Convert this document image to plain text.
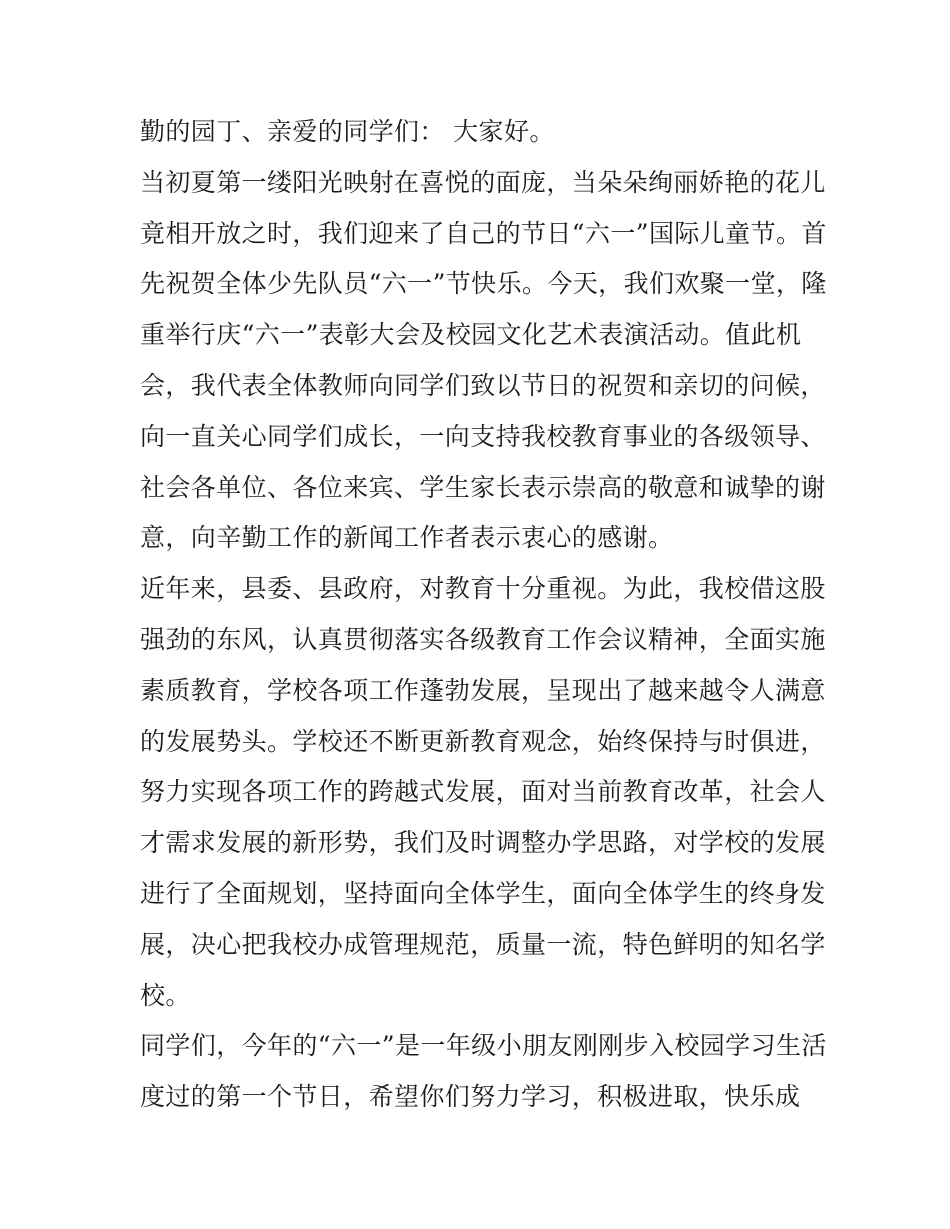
勤的园丁、亲爱的同学们： 大家好。
当初夏第一缕阳光映射在喜悦的面庞，当朵朵绚丽娇艳的花儿
竟相开放之时，我们迎来了自己的节日“六一”国际儿童节。首
先祝贺全体少先队员“六一”节快乐。今天，我们欢聚一堂，隆
重举行庆“六一”表彰大会及校园文化艺术表演活动。值此机
会，我代表全体教师向同学们致以节日的祝贺和亲切的问候，
向一直关心同学们成长，一向支持我校教育事业的各级领导、
社会各单位、各位来宾、学生家长表示崇高的敬意和诚挚的谢
意，向辛勤工作的新闻工作者表示衷心的感谢。
近年来，县委、县政府，对教育十分重视。为此，我校借这股
强劲的东风，认真贯彻落实各级教育工作会议精神，全面实施
素质教育，学校各项工作蓬勃发展，呈现出了越来越令人满意
的发展势头。学校还不断更新教育观念，始终保持与时俱进，
努力实现各项工作的跨越式发展，面对当前教育改革，社会人
才需求发展的新形势，我们及时调整办学思路，对学校的发展
进行了全面规划，坚持面向全体学生，面向全体学生的终身发
展，决心把我校办成管理规范，质量一流，特色鲜明的知名学
校。
同学们，今年的“六一”是一年级小朋友刚刚步入校园学习生活
度过的第一个节日，希望你们努力学习，积极进取，快乐成
